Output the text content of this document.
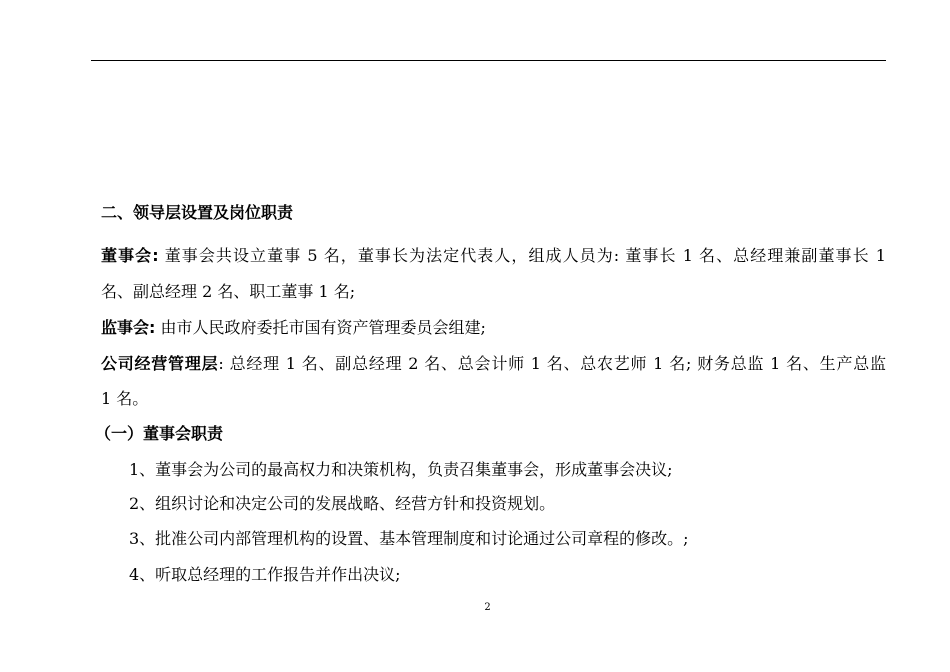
二、领导层设置及岗位职责
董事会: 董事会共设立董事 5 名，董事长为法定代表人，组成人员为: 董事长 1 名、总经理兼副董事长 1
名、副总经理 2 名、职工董事 1 名;
监事会: 由市人民政府委托市国有资产管理委员会组建;
公司经营管理层: 总经理 1 名、副总经理 2 名、总会计师 1 名、总农艺师 1 名; 财务总监 1 名、生产总监
1 名。
（一）董事会职责
1、董事会为公司的最高权力和决策机构，负责召集董事会，形成董事会决议;
2、组织讨论和决定公司的发展战略、经营方针和投资规划。
3、批准公司内部管理机构的设置、基本管理制度和讨论通过公司章程的修改。;
4、听取总经理的工作报告并作出决议;
2
